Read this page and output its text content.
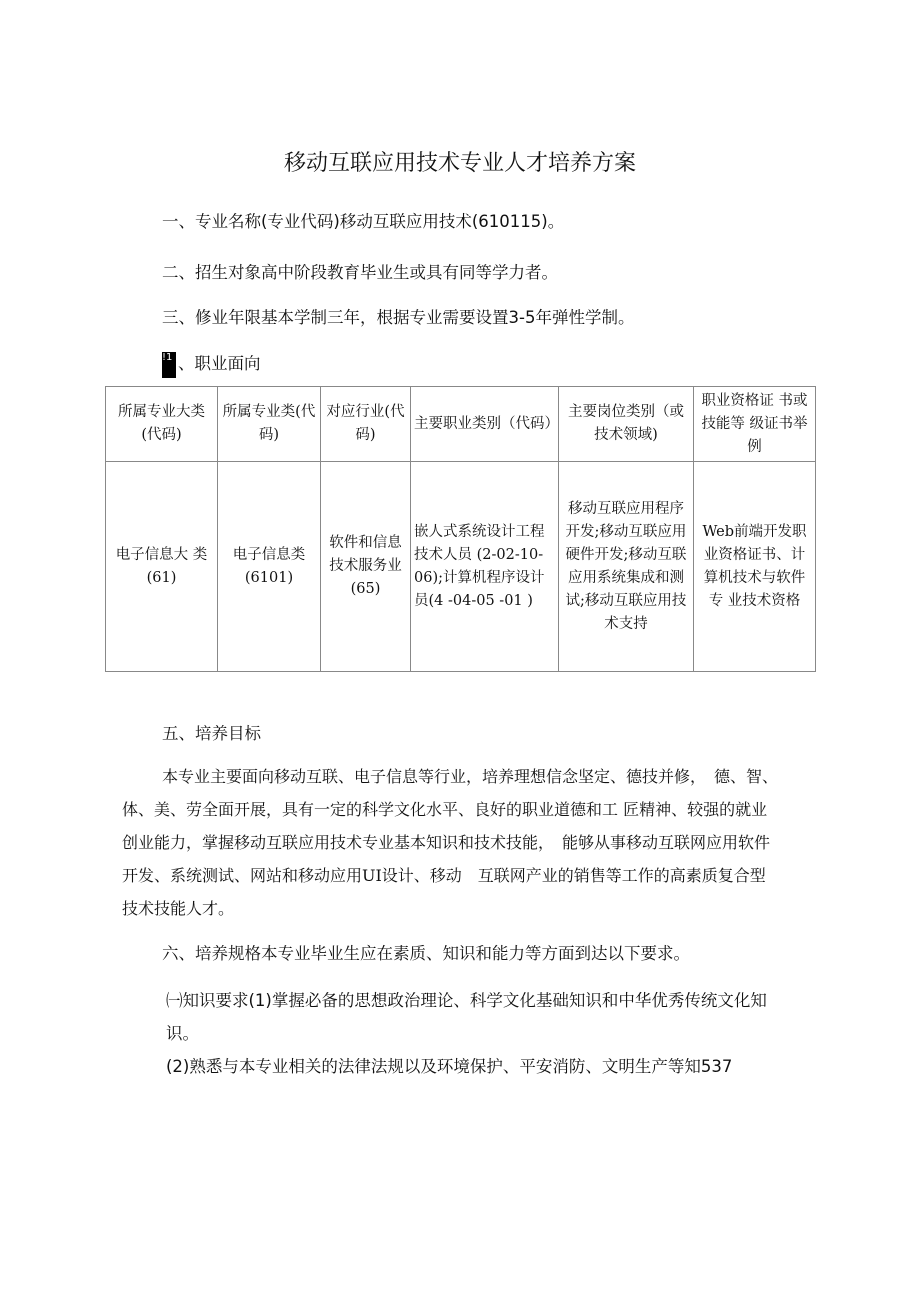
移动互联应用技术专业人才培养方案
一、专业名称(专业代码)移动互联应用技术(610115)。
二、招生对象高中阶段教育毕业生或具有同等学力者。
三、修业年限基本学制三年，根据专业需要设置3-5年弹性学制。
!1 !、职业面向
所属专业大类(代码)	所属专业类(代码)	对应行业(代码)	主要职业类别（代码）	主要岗位类别（或技术领域)	职业资格证 书或技能等 级证书举例
电子信息大 类(61)	电子信息类(6101)	软件和信息技术服务业(65)	嵌人式系统设计工程技术人员 (2-02-10-06);计算机程序设计员(4 -04-05 -01 )	移动互联应用程序开发;移动互联应用硬件开发;移动互联应用系统集成和测试;移动互联应用技术支持	Web前端开发职业资格证书、计算机技术与软件专 业技术资格
五、培养目标
本专业主要面向移动互联、电子信息等行业，培养理想信念坚定、德技并修，　德、智、
体、美、劳全面开展，具有一定的科学文化水平、良好的职业道德和工 匠精神、较强的就业
创业能力，掌握移动互联应用技术专业基本知识和技术技能，　能够从事移动互联网应用软件
开发、系统测试、网站和移动应用UI设计、移动　互联网产业的销售等工作的高素质复合型
技术技能人才。
六、培养规格本专业毕业生应在素质、知识和能力等方面到达以下要求。
㈠知识要求(1)掌握必备的思想政治理论、科学文化基础知识和中华优秀传统文化知
识。
(2)熟悉与本专业相关的法律法规以及环境保护、平安消防、文明生产等知537
